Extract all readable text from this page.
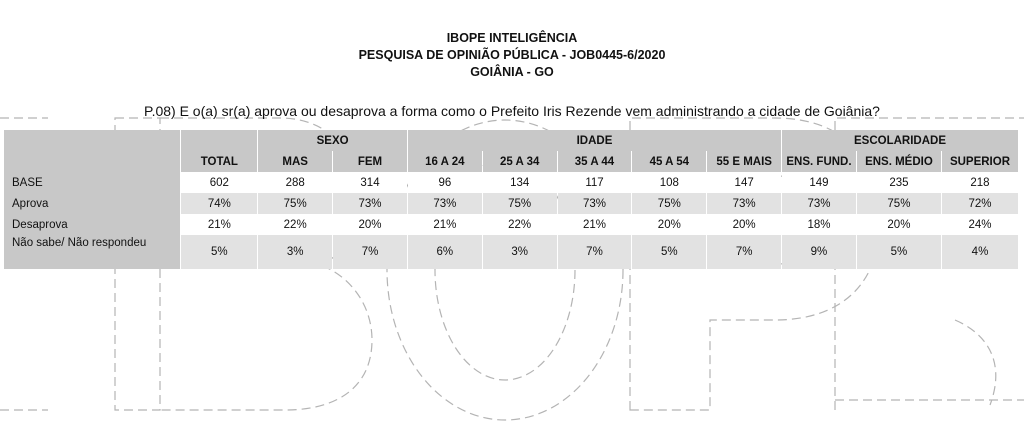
IBOPE INTELIGÊNCIA
PESQUISA DE OPINIÃO PÚBLICA - JOB0445-6/2020
GOIÂNIA - GO
P.08) E o(a) sr(a) aprova ou desaprova a forma como o Prefeito Iris Rezende vem administrando a cidade de Goiânia?
		SEXO		IDADE					ESCOLARIDADE		
	TOTAL	MAS	FEM	16 A 24	25 A 34	35 A 44	45 A 54	55 E MAIS	ENS. FUND.	ENS. MÉDIO	SUPERIOR
BASE	602	288	314	96	134	117	108	147	149	235	218
Aprova	74%	75%	73%	73%	75%	73%	75%	73%	73%	75%	72%
Desaprova	21%	22%	20%	21%	22%	21%	20%	20%	18%	20%	24%
Não sabe/ Não respondeu	5%	3%	7%	6%	3%	7%	5%	7%	9%	5%	4%
